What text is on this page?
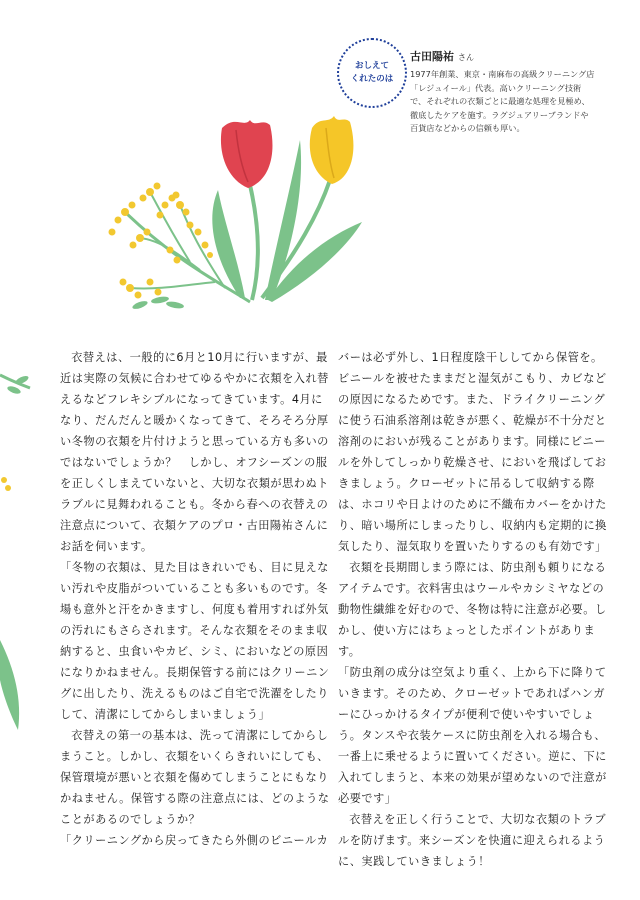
おしえて
くれたのは
古田陽祐 さん
1977年創業、東京・南麻布の高級クリーニング店「レジュイール」代表。高いクリーニング技術で、それぞれの衣類ごとに最適な処理を見極め、徹底したケアを施す。ラグジュアリーブランドや百貨店などからの信頼も厚い。

衣替えは、一般的に6月と10月に行いますが、最近は実際の気候に合わせてゆるやかに衣類を入れ替えるなどフレキシブルになってきています。4月になり、だんだんと暖かくなってきて、そろそろ分厚い冬物の衣類を片付けようと思っている方も多いのではないでしょうか？　しかし、オフシーズンの服を正しくしまえていないと、大切な衣類が思わぬトラブルに見舞われることも。冬から春への衣替えの注意点について、衣類ケアのプロ・古田陽祐さんにお話を伺います。

「冬物の衣類は、見た目はきれいでも、目に見えない汚れや皮脂がついていることも多いものです。冬場も意外と汗をかきますし、何度も着用すれば外気の汚れにもさらされます。そんな衣類をそのまま収納すると、虫食いやカビ、シミ、においなどの原因になりかねません。長期保管する前にはクリーニングに出したり、洗えるものはご自宅で洗濯をしたりして、清潔にしてからしまいましょう」

衣替えの第一の基本は、洗って清潔にしてからしまうこと。しかし、衣類をいくらきれいにしても、保管環境が悪いと衣類を傷めてしまうことにもなりかねません。保管する際の注意点には、どのようなことがあるのでしょうか？

「クリーニングから戻ってきたら外側のビニールカ

バーは必ず外し、1日程度陰干ししてから保管を。ビニールを被せたままだと湿気がこもり、カビなどの原因になるためです。また、ドライクリーニングに使う石油系溶剤は乾きが悪く、乾燥が不十分だと溶剤のにおいが残ることがあります。同様にビニールを外してしっかり乾燥させ、においを飛ばしておきましょう。クローゼットに吊るして収納する際は、ホコリや日よけのために不織布カバーをかけたり、暗い場所にしまったりし、収納内も定期的に換気したり、湿気取りを置いたりするのも有効です」

衣類を長期間しまう際には、防虫剤も頼りになるアイテムです。衣料害虫はウールやカシミヤなどの動物性繊維を好むので、冬物は特に注意が必要。しかし、使い方にはちょっとしたポイントがあります。

「防虫剤の成分は空気より重く、上から下に降りていきます。そのため、クローゼットであればハンガーにひっかけるタイプが便利で使いやすいでしょう。タンスや衣装ケースに防虫剤を入れる場合も、一番上に乗せるように置いてください。逆に、下に入れてしまうと、本来の効果が望めないので注意が必要です」

衣替えを正しく行うことで、大切な衣類のトラブルを防げます。来シーズンを快適に迎えられるように、実践していきましょう！
